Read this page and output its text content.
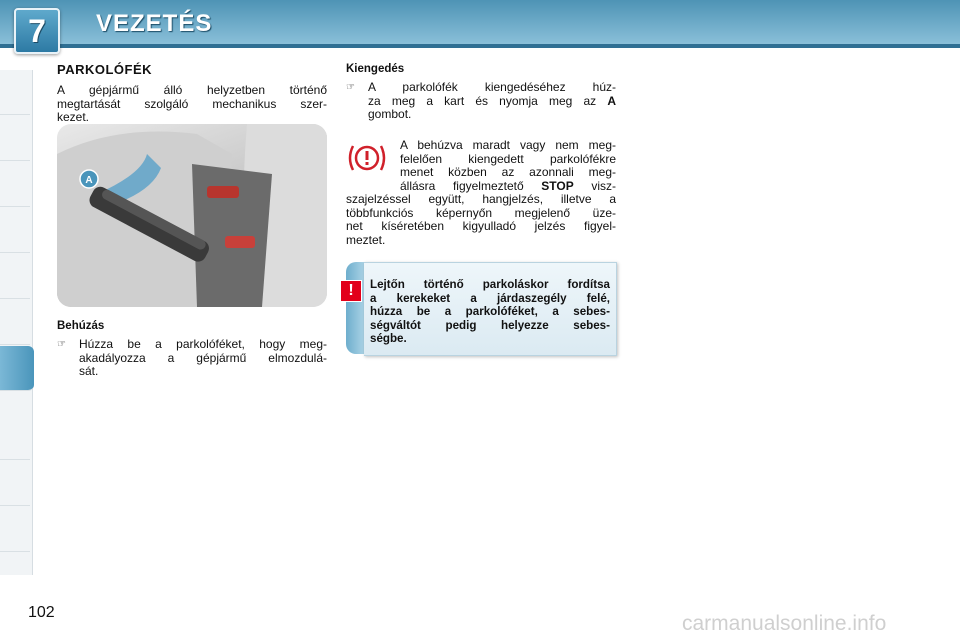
7 VEZETÉS
PARKOLÓFÉK
A gépjármű álló helyzetben történő
megtartását szolgáló mechanikus szer-
kezet.
A
Behúzás
☞ Húzza be a parkolóféket, hogy meg-
akadályozza a gépjármű elmozdulá-
sát.
Kiengedés
☞ A parkolófék kiengedéséhez húz-
za meg a kart és nyomja meg az A
gombot.
A behúzva maradt vagy nem meg-
felelően kiengedett parkolófékre
menet közben az azonnali meg-
állásra figyelmeztető STOP visz-
szajelzéssel együtt, hangjelzés, illetve a
többfunkciós képernyőn megjelenő üze-
net kíséretében kigyulladó jelzés figyel-
meztet.
!	Lejtőn történő parkoláskor fordítsa
a kerekeket a járdaszegély felé,
húzza be a parkolóféket, a sebes-
ségváltót pedig helyezze sebes-
ségbe.
102	carmanualsonline.info
